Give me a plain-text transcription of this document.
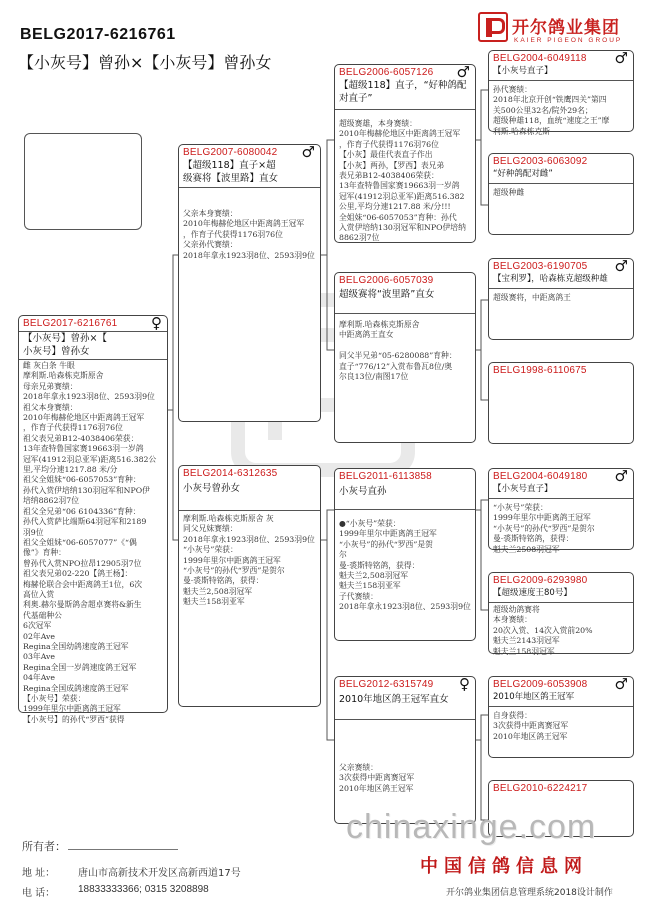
BELG2017-6216761
【小灰号】曾孙×【小灰号】曾孙女
开尔鸽业集团
KAIER PIGEON GROUP
BELG2017-6216761 ♀
【小灰号】曾孙×【
小灰号】曾孙女
雌 灰白条 牛眼
摩利斯.哈森栋克斯原舍
母亲兄弟赛绩：
2018年拿永1923羽8位、2593羽9位
祖父本身赛绩：
2010年梅赫伦地区中距离鸽王冠军
，作育子代获得1176羽76位
祖父表兄弟B12-4038406荣获：
13年查特鲁国家赛19663羽一岁鸽
冠军(41912羽总亚军)距离516.382公
里,平均分速1217.88 米/分
祖父全姐妹“06-6057053”育种：
孙代入赏伊培纳130羽冠军和NPO伊
培纳8862羽7位
祖父全兄弟“06 6104336”育种：
孙代入赏萨比端斯64羽冠军和2189
羽9位
祖父全姐妹“06-6057077”《“偶
像”》育种：
曾孙代入赏NPO拉昂12905羽7位
祖父表兄弟02-220【鸽王杨】：
梅赫伦联合会中距离鸽王1位，6次
高位入赏
利奥.赫尔曼斯鸽舍超卓赛将&新生
代基础种公
6次冠军
02年Ave
Regina全国幼鸽速度鸽王冠军
03年Ave
Regina全国一岁鸽速度鸽王冠军
04年Ave
Regina全国成鸽速度鸽王冠军
【小灰号】荣获：
1999年里尔中距离鸽王冠军
【小灰号】的孙代“罗西”获得
BELG2007-6080042 ♂
【超级118】直子×超
级赛将【波里路】直女
父亲本身赛绩：
2010年梅赫伦地区中距离鸽王冠军
，作育子代获得1176羽76位
父亲孙代赛绩：
2018年拿永1923羽8位、2593羽9位
BELG2014-6312635
小灰号曾孙女
摩利斯.哈森栋克斯原舍 灰
同父兄妹赛绩：
2018年拿永1923羽8位、2593羽9位
“小灰号”荣获：
1999年里尔中距离鸽王冠军
“小灰号”的孙代“罗西”是贺尔
曼·裘斯特铭鸽，获得：
魁夫兰2,508羽冠军
魁夫兰158羽亚军
BELG2006-6057126 ♂
【超级118】直子，“好种鸽配
对直子”
超级赛雄，本身赛绩：
2010年梅赫伦地区中距离鸽王冠军
，作育子代获得1176羽76位
【小灰】最佳代表直子作出
【小灰】两孙，【罗西】表兄弟
表兄弟B12-4038406荣获：
13年查特鲁国家赛19663羽一岁鸽
冠军(41912羽总亚军)距离516.382
公里,平均分速1217.88 米/分!!!
全姐妹“06-6057053”育种：孙代
入赏伊培纳130羽冠军和NPO伊培纳
8862羽7位
BELG2006-6057039
超级赛将“波里路”直女
摩利斯.哈森栋克斯原舍
中距离鸽王直女

同父半兄弟“05-6280088”育种：
直子“776/12”入赏布鲁瓦8位/奥
尔良13位/南图17位
BELG2011-6113858
小灰号直孙
●“小灰号”荣获：
1999年里尔中距离鸽王冠军
“小灰号”的孙代“罗西”是贺
尔
曼·裘斯特铭鸽，获得：
魁夫兰2,508羽冠军
魁夫兰158羽亚军
子代赛绩：
2018年拿永1923羽8位、2593羽9位
BELG2012-6315749 ♀
2010年地区鸽王冠军直女
父亲赛绩：
3次获得中距离赛冠军
2010年地区鸽王冠军
BELG2004-6049118 ♂
【小灰号直子】
孙代赛绩：
2018年北京开创“铁鹰四关”第四
关500公里32名/院外29名；
超级种雄118，血统“速度之王”摩
利斯.哈森栋克斯
BELG2003-6063092
“好种鸽配对雌”
超级种雌
BELG2003-6190705 ♂
【宝利罗】，哈森栋克超级种雄
超级赛将，中距离鸽王
BELG1998-6110675
BELG2004-6049180 ♂
【小灰号直子】
“小灰号”荣获：
1999年里尔中距离鸽王冠军
“小灰号”的孙代“罗西”是贺尔
曼·裘斯特铭鸽，获得：
魁夫兰2508羽冠军
BELG2009-6293980
【超级速度王80号】
超级幼鸽赛将
本身赛绩：
20次入赏、14次入赏前20%
魁夫兰2143羽冠军
魁夫兰158羽冠军
BELG2009-6053908 ♂
2010年地区鸽王冠军
自身获得：
3次获得中距离赛冠军
2010年地区鸽王冠军
BELG2010-6224217
chinaxinge.com
所有者：
地 址： 唐山市高新技术开发区高新西道17号
电 话： 18833333366; 0315 3208898
中国信鸽信息网
开尔鸽业集团信息管理系统2018设计制作
